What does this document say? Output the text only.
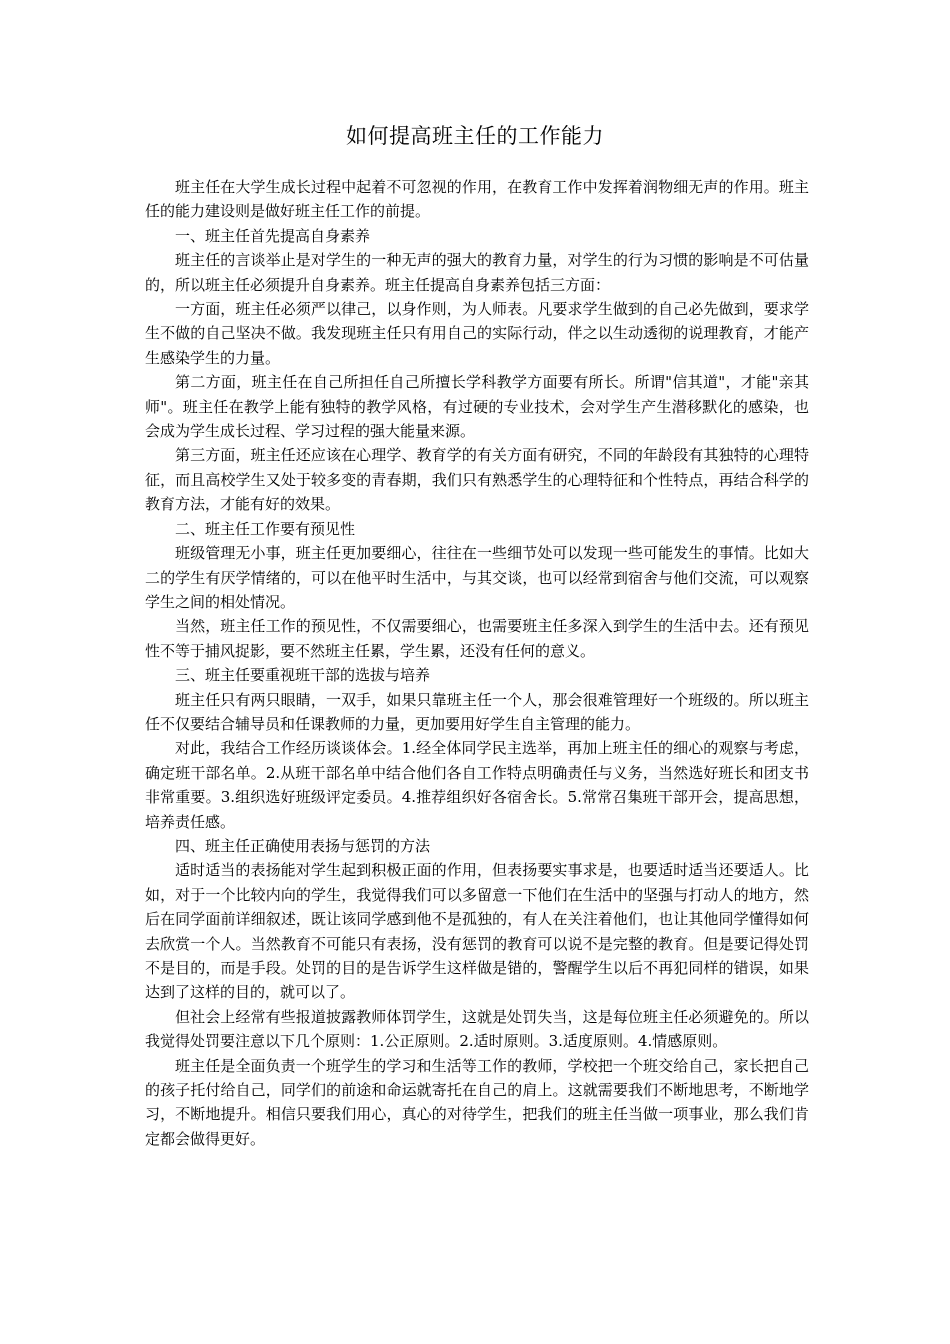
如何提高班主任的工作能力

班主任在大学生成长过程中起着不可忽视的作用，在教育工作中发挥着润物细无声的作用。班主任的能力建设则是做好班主任工作的前提。

一、班主任首先提高自身素养

班主任的言谈举止是对学生的一种无声的强大的教育力量，对学生的行为习惯的影响是不可估量的，所以班主任必须提升自身素养。班主任提高自身素养包括三方面：

一方面，班主任必须严以律己，以身作则，为人师表。凡要求学生做到的自己必先做到，要求学生不做的自己坚决不做。我发现班主任只有用自己的实际行动，伴之以生动透彻的说理教育，才能产生感染学生的力量。

第二方面，班主任在自己所担任自己所擅长学科教学方面要有所长。所谓"信其道"，才能"亲其师"。班主任在教学上能有独特的教学风格，有过硬的专业技术，会对学生产生潜移默化的感染，也会成为学生成长过程、学习过程的强大能量来源。

第三方面，班主任还应该在心理学、教育学的有关方面有研究，不同的年龄段有其独特的心理特征，而且高校学生又处于较多变的青春期，我们只有熟悉学生的心理特征和个性特点，再结合科学的教育方法，才能有好的效果。

二、班主任工作要有预见性

班级管理无小事，班主任更加要细心，往往在一些细节处可以发现一些可能发生的事情。比如大二的学生有厌学情绪的，可以在他平时生活中，与其交谈，也可以经常到宿舍与他们交流，可以观察学生之间的相处情况。

当然，班主任工作的预见性，不仅需要细心，也需要班主任多深入到学生的生活中去。还有预见性不等于捕风捉影，要不然班主任累，学生累，还没有任何的意义。

三、班主任要重视班干部的选拔与培养

班主任只有两只眼睛，一双手，如果只靠班主任一个人，那会很难管理好一个班级的。所以班主任不仅要结合辅导员和任课教师的力量，更加要用好学生自主管理的能力。

对此，我结合工作经历谈谈体会。1.经全体同学民主选举，再加上班主任的细心的观察与考虑，确定班干部名单。2.从班干部名单中结合他们各自工作特点明确责任与义务，当然选好班长和团支书非常重要。3.组织选好班级评定委员。4.推荐组织好各宿舍长。5.常常召集班干部开会，提高思想，培养责任感。

四、班主任正确使用表扬与惩罚的方法

适时适当的表扬能对学生起到积极正面的作用，但表扬要实事求是，也要适时适当还要适人。比如，对于一个比较内向的学生，我觉得我们可以多留意一下他们在生活中的坚强与打动人的地方，然后在同学面前详细叙述，既让该同学感到他不是孤独的，有人在关注着他们，也让其他同学懂得如何去欣赏一个人。当然教育不可能只有表扬，没有惩罚的教育可以说不是完整的教育。但是要记得处罚不是目的，而是手段。处罚的目的是告诉学生这样做是错的，警醒学生以后不再犯同样的错误，如果达到了这样的目的，就可以了。

但社会上经常有些报道披露教师体罚学生，这就是处罚失当，这是每位班主任必须避免的。所以我觉得处罚要注意以下几个原则：1.公正原则。2.适时原则。3.适度原则。4.情感原则。

班主任是全面负责一个班学生的学习和生活等工作的教师，学校把一个班交给自己，家长把自己的孩子托付给自己，同学们的前途和命运就寄托在自己的肩上。这就需要我们不断地思考，不断地学习，不断地提升。相信只要我们用心，真心的对待学生，把我们的班主任当做一项事业，那么我们肯定都会做得更好。
